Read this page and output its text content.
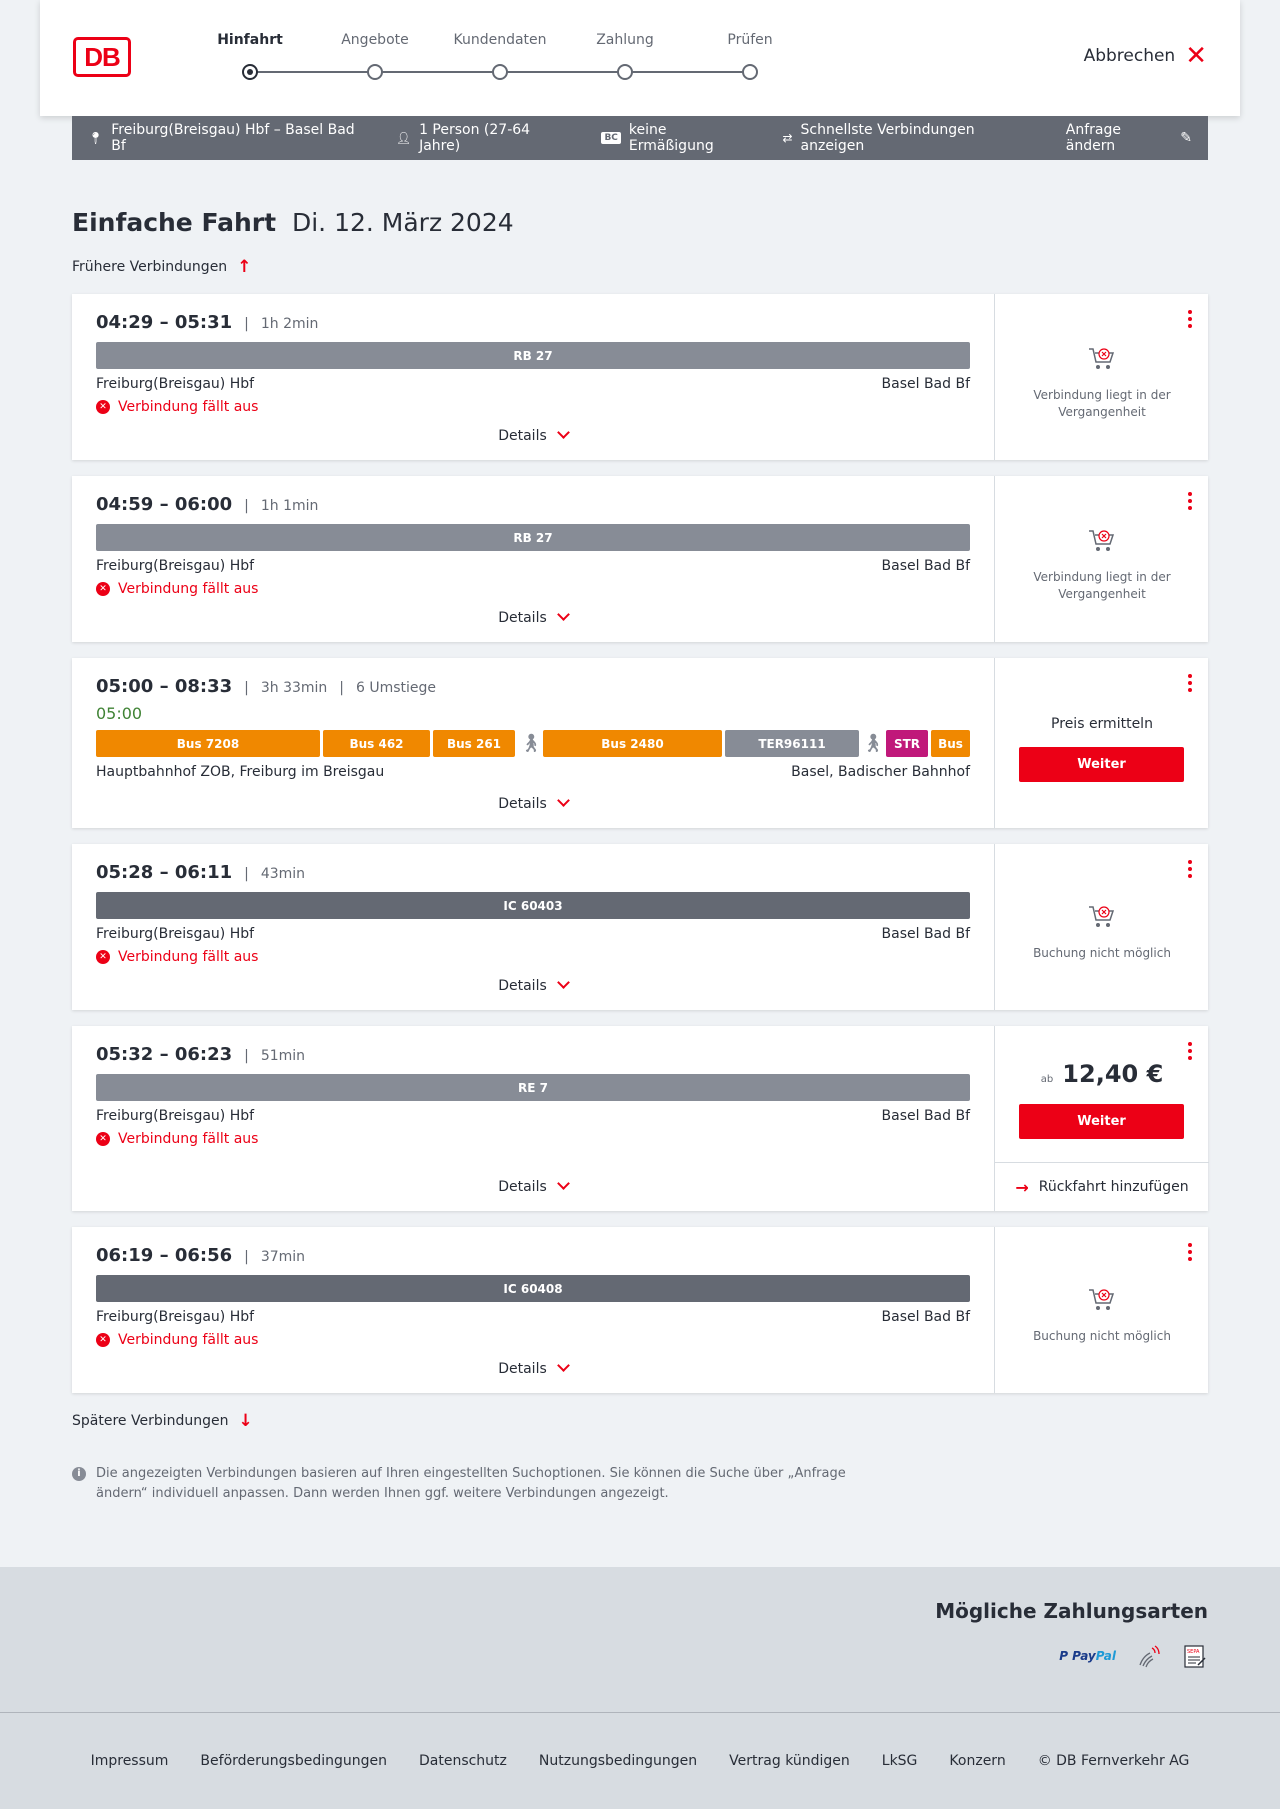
DB
Hinfahrt	Angebote	Kundendaten	Zahlung	Prüfen
Abbrechen ✕
📍︎ Freiburg(Breisgau) Hbf – Basel Bad Bf	👤︎ 1 Person (27-64 Jahre)	BC keine Ermäßigung	⇄ Schnellste Verbindungen anzeigen
Anfrage ändern	✎
Einfache Fahrt Di. 12. März 2024
Frühere Verbindungen ↑
04:29 – 05:31 | 1h 2min
RB 27
Freiburg(Breisgau) Hbf	Basel Bad Bf
✕ Verbindung fällt aus
Details
Verbindung liegt in der Vergangenheit
04:59 – 06:00 | 1h 1min
RB 27
Freiburg(Breisgau) Hbf	Basel Bad Bf
✕ Verbindung fällt aus
Details
Verbindung liegt in der Vergangenheit
05:00 – 08:33 | 3h 33min | 6 Umstiege
05:00
Bus 7208	Bus 462	Bus 261	🚶︎	Bus 2480	TER96111	🚶︎ STR	Bus
Hauptbahnhof ZOB, Freiburg im Breisgau	Basel, Badischer Bahnhof
Details
Preis ermitteln
Weiter
05:28 – 06:11 | 43min
IC 60403
Freiburg(Breisgau) Hbf	Basel Bad Bf
✕ Verbindung fällt aus
Details
Buchung nicht möglich
05:32 – 06:23 | 51min
RE 7
Freiburg(Breisgau) Hbf	Basel Bad Bf
✕ Verbindung fällt aus
Details
ab 12,40 €
Weiter
→ Rückfahrt hinzufügen
06:19 – 06:56 | 37min
IC 60408
Freiburg(Breisgau) Hbf	Basel Bad Bf
✕ Verbindung fällt aus
Details
Buchung nicht möglich
Spätere Verbindungen ↓
i	Die angezeigten Verbindungen basieren auf Ihren eingestellten Suchoptionen. Sie können die Suche über „Anfrage ändern“ individuell anpassen. Dann werden Ihnen ggf. weitere Verbindungen angezeigt.
Mögliche Zahlungsarten
P PayPal	SEPA
Impressum Beförderungsbedingungen Datenschutz Nutzungsbedingungen Vertrag kündigen LkSG Konzern © DB Fernverkehr AG
